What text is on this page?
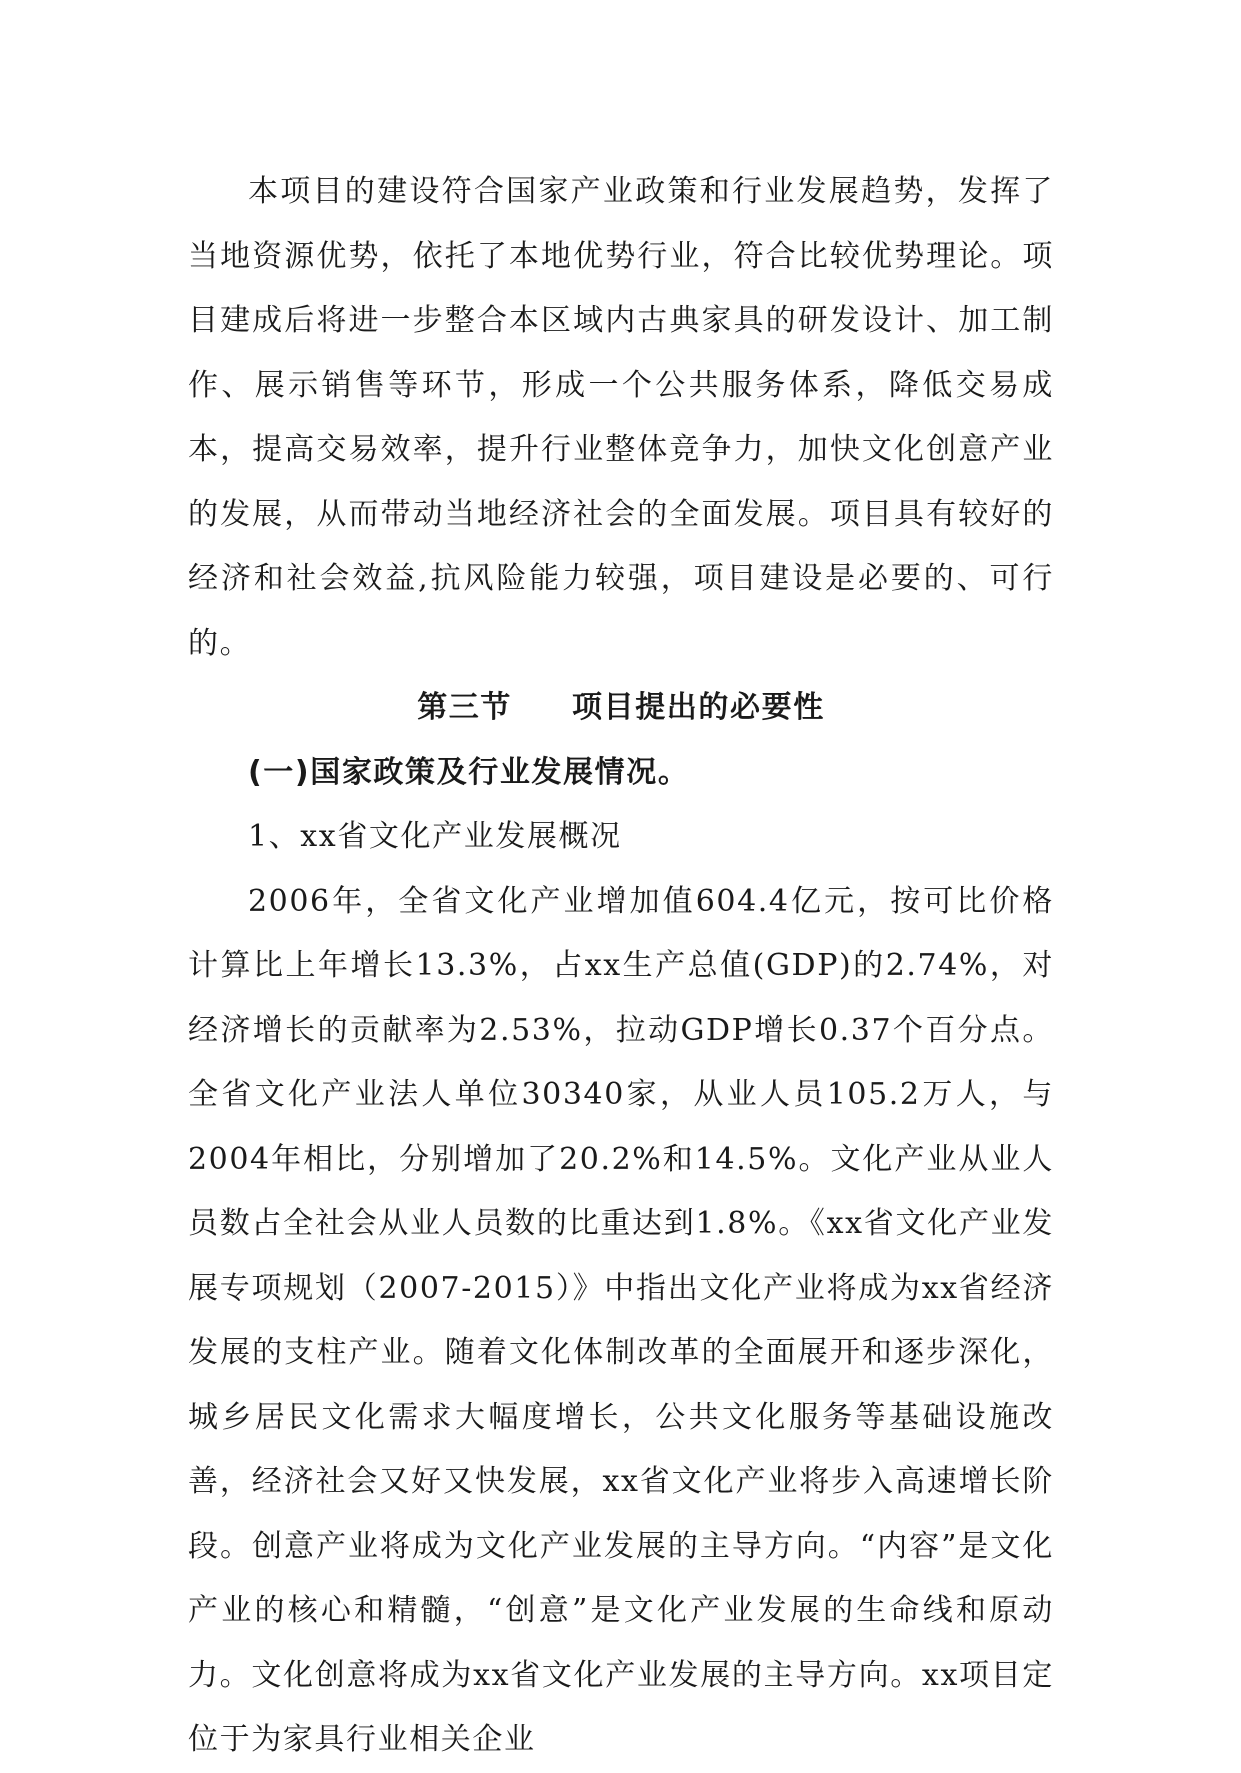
本项目的建设符合国家产业政策和行业发展趋势，发挥了当地资源优势，依托了本地优势行业，符合比较优势理论。项目建成后将进一步整合本区域内古典家具的研发设计、加工制作、展示销售等环节，形成一个公共服务体系，降低交易成本，提高交易效率，提升行业整体竞争力，加快文化创意产业的发展，从而带动当地经济社会的全面发展。项目具有较好的经济和社会效益,抗风险能力较强，项目建设是必要的、可行的。

第三节 项目提出的必要性

(一)国家政策及行业发展情况。

1、xx省文化产业发展概况

2006年，全省文化产业增加值604.4亿元，按可比价格计算比上年增长13.3%，占xx生产总值(GDP)的2.74%，对经济增长的贡献率为2.53%，拉动GDP增长0.37个百分点。全省文化产业法人单位30340家，从业人员105.2万人，与2004年相比，分别增加了20.2%和14.5%。文化产业从业人员数占全社会从业人员数的比重达到1.8%。《xx省文化产业发展专项规划（2007-2015）》中指出文化产业将成为xx省经济发展的支柱产业。随着文化体制改革的全面展开和逐步深化，城乡居民文化需求大幅度增长，公共文化服务等基础设施改善，经济社会又好又快发展，xx省文化产业将步入高速增长阶段。创意产业将成为文化产业发展的主导方向。“内容”是文化产业的核心和精髓，“创意”是文化产业发展的生命线和原动力。文化创意将成为xx省文化产业发展的主导方向。xx项目定位于为家具行业相关企业
